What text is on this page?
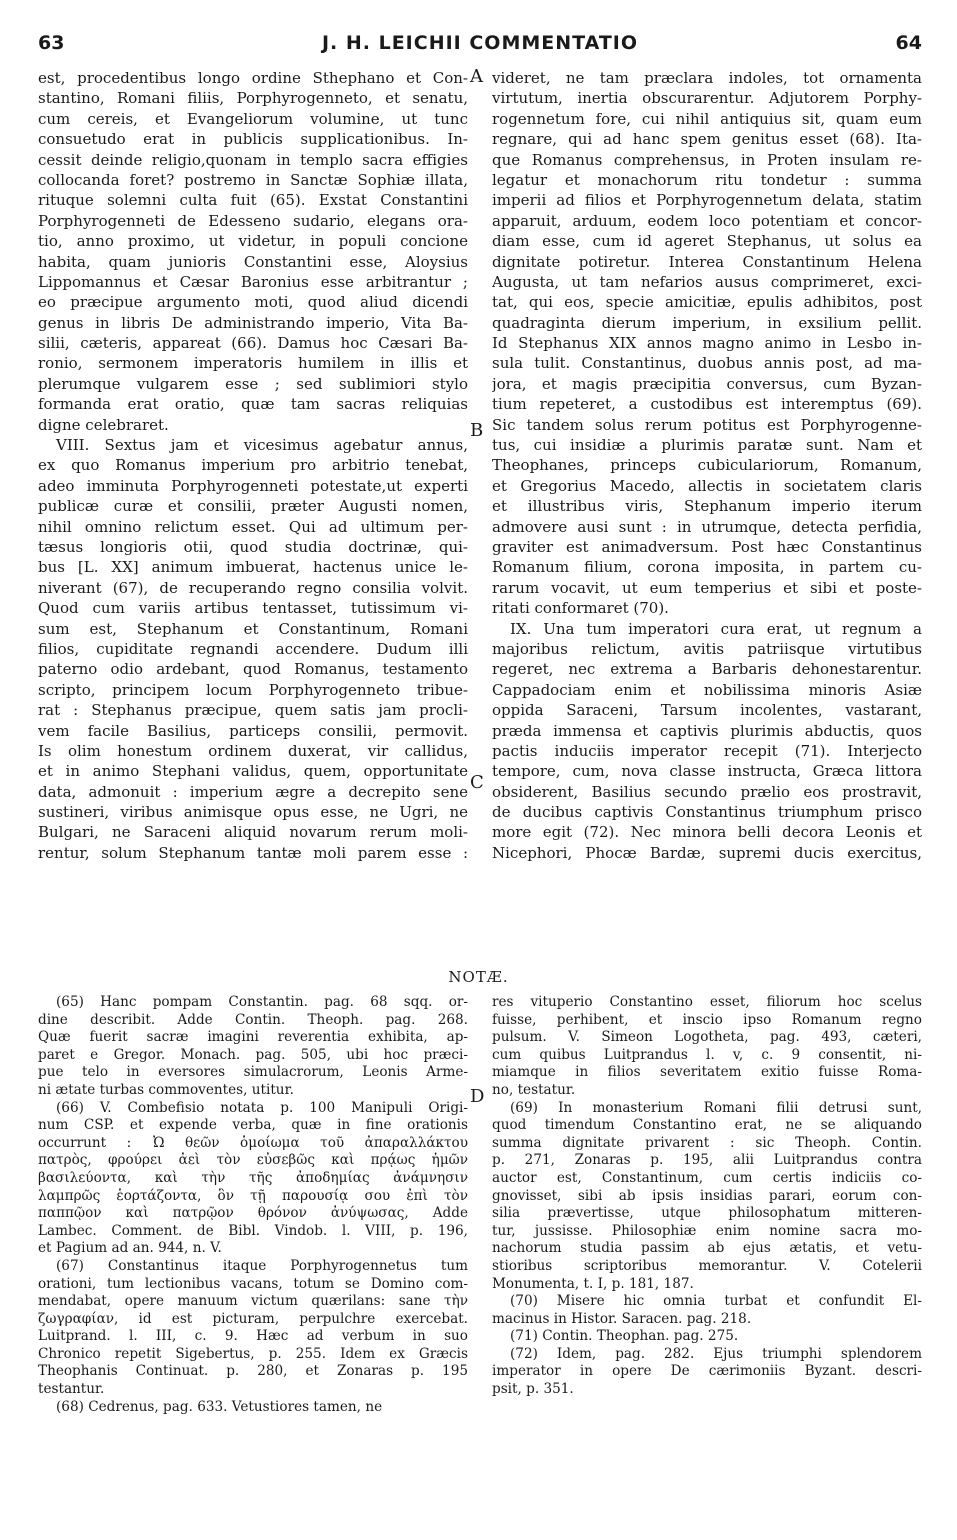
63	J. H. LEICHII COMMENTATIO	64
est, procedentibus longo ordine Sthephano et Con-
stantino, Romani filiis, Porphyrogenneto, et senatu,
cum cereis, et Evangeliorum volumine, ut tunc
consuetudo erat in publicis supplicationibus. In-
cessit deinde religio,quonam in templo sacra effigies
collocanda foret? postremo in Sanctæ Sophiæ illata,
rituque solemni culta fuit (65). Exstat Constantini
Porphyrogenneti de Edesseno sudario, elegans ora-
tio, anno proximo, ut videtur, in populi concione
habita, quam junioris Constantini esse, Aloysius
Lippomannus et Cæsar Baronius esse arbitrantur ;
eo præcipue argumento moti, quod aliud dicendi
genus in libris De administrando imperio, Vita Ba-
silii, cæteris, appareat (66). Damus hoc Cæsari Ba-
ronio, sermonem imperatoris humilem in illis et
plerumque vulgarem esse ; sed sublimiori stylo
formanda erat oratio, quæ tam sacras reliquias
digne celebraret.
VIII. Sextus jam et vicesimus agebatur annus,
ex quo Romanus imperium pro arbitrio tenebat,
adeo imminuta Porphyrogenneti potestate,ut experti
publicæ curæ et consilii, præter Augusti nomen,
nihil omnino relictum esset. Qui ad ultimum per-
tæsus longioris otii, quod studia doctrinæ, qui-
bus [L. XX] animum imbuerat, hactenus unice le-
niverant (67), de recuperando regno consilia volvit.
Quod cum variis artibus tentasset, tutissimum vi-
sum est, Stephanum et Constantinum, Romani
filios, cupiditate regnandi accendere. Dudum illi
paterno odio ardebant, quod Romanus, testamento
scripto, principem locum Porphyrogenneto tribue-
rat : Stephanus præcipue, quem satis jam procli-
vem facile Basilius, particeps consilii, permovit.
Is olim honestum ordinem duxerat, vir callidus,
et in animo Stephani validus, quem, opportunitate
data, admonuit : imperium ægre a decrepito sene
sustineri, viribus animisque opus esse, ne Ugri, ne
Bulgari, ne Saraceni aliquid novarum rerum moli-
rentur, solum Stephanum tantæ moli parem esse :
videret, ne tam præclara indoles, tot ornamenta
virtutum, inertia obscurarentur. Adjutorem Porphy-
rogennetum fore, cui nihil antiquius sit, quam eum
regnare, qui ad hanc spem genitus esset (68). Ita-
que Romanus comprehensus, in Proten insulam re-
legatur et monachorum ritu tondetur : summa
imperii ad filios et Porphyrogennetum delata, statim
apparuit, arduum, eodem loco potentiam et concor-
diam esse, cum id ageret Stephanus, ut solus ea
dignitate potiretur. Interea Constantinum Helena
Augusta, ut tam nefarios ausus comprimeret, exci-
tat, qui eos, specie amicitiæ, epulis adhibitos, post
quadraginta dierum imperium, in exsilium pellit.
Id Stephanus XIX annos magno animo in Lesbo in-
sula tulit. Constantinus, duobus annis post, ad ma-
jora, et magis præcipitia conversus, cum Byzan-
tium repeteret, a custodibus est interemptus (69).
Sic tandem solus rerum potitus est Porphyrogenne-
tus, cui insidiæ a plurimis paratæ sunt. Nam et
Theophanes, princeps cubiculariorum, Romanum,
et Gregorius Macedo, allectis in societatem claris
et illustribus viris, Stephanum imperio iterum
admovere ausi sunt : in utrumque, detecta perfidia,
graviter est animadversum. Post hæc Constantinus
Romanum filium, corona imposita, in partem cu-
rarum vocavit, ut eum temperius et sibi et poste-
ritati conformaret (70).
IX. Una tum imperatori cura erat, ut regnum a
majoribus relictum, avitis patriisque virtutibus
regeret, nec extrema a Barbaris dehonestarentur.
Cappadociam enim et nobilissima minoris Asiæ
oppida Saraceni, Tarsum incolentes, vastarant,
præda immensa et captivis plurimis abductis, quos
pactis induciis imperator recepit (71). Interjecto
tempore, cum, nova classe instructa, Græca littora
obsiderent, Basilius secundo prælio eos prostravit,
de ducibus captivis Constantinus triumphum prisco
more egit (72). Nec minora belli decora Leonis et
Nicephori, Phocæ Bardæ, supremi ducis exercitus,
A
B
C
D
NOTÆ.
(65) Hanc pompam Constantin. pag. 68 sqq. or-
dine describit. Adde Contin. Theoph. pag. 268.
Quæ fuerit sacræ imagini reverentia exhibita, ap-
paret e Gregor. Monach. pag. 505, ubi hoc præci-
pue telo in eversores simulacrorum, Leonis Arme-
ni ætate turbas commoventes, utitur.
(66) V. Combefisio notata p. 100 Manipuli Origi-
num CSP. et expende verba, quæ in fine orationis
occurrunt : Ὦ θεῶν ὁμοίωμα τοῦ ἀπαραλλάκτου
πατρὸς, φρούρει ἀεὶ τὸν εὐσεβῶς καὶ πρᾴως ἡμῶν
βασιλεύοντα, καὶ τὴν τῆς ἀποδημίας ἀνάμνησιν
λαμπρῶς ἑορτάζοντα, ὃν τῇ παρουσίᾳ σου ἐπὶ τὸν
παππῷον καὶ πατρῷον θρόνον ἀνύψωσας, Adde
Lambec. Comment. de Bibl. Vindob. l. VIII, p. 196,
et Pagium ad an. 944, n. V.
(67) Constantinus itaque Porphyrogennetus tum
orationi, tum lectionibus vacans, totum se Domino com-
mendabat, opere manuum victum quærilans: sane τὴν
ζωγραφίαν, id est picturam, perpulchre exercebat.
Luitprand. l. III, c. 9. Hæc ad verbum in suo
Chronico repetit Sigebertus, p. 255. Idem ex Græcis
Theophanis Continuat. p. 280, et Zonaras p. 195
testantur.
(68) Cedrenus, pag. 633. Vetustiores tamen, ne
res vituperio Constantino esset, filiorum hoc scelus
fuisse, perhibent, et inscio ipso Romanum regno
pulsum. V. Simeon Logotheta, pag. 493, cæteri,
cum quibus Luitprandus l. v, c. 9 consentit, ni-
miamque in filios severitatem exitio fuisse Roma-
no, testatur.
(69) In monasterium Romani filii detrusi sunt,
quod timendum Constantino erat, ne se aliquando
summa dignitate privarent : sic Theoph. Contin.
p. 271, Zonaras p. 195, alii Luitprandus contra
auctor est, Constantinum, cum certis indiciis co-
gnovisset, sibi ab ipsis insidias parari, eorum con-
silia prævertisse, utque philosophatum mitteren-
tur, jussisse. Philosophiæ enim nomine sacra mo-
nachorum studia passim ab ejus ætatis, et vetu-
stioribus scriptoribus memorantur. V. Cotelerii
Monumenta, t. I, p. 181, 187.
(70) Misere hic omnia turbat et confundit El-
macinus in Histor. Saracen. pag. 218.
(71) Contin. Theophan. pag. 275.
(72) Idem, pag. 282. Ejus triumphi splendorem
imperator in opere De cærimoniis Byzant. descri-
psit, p. 351.
